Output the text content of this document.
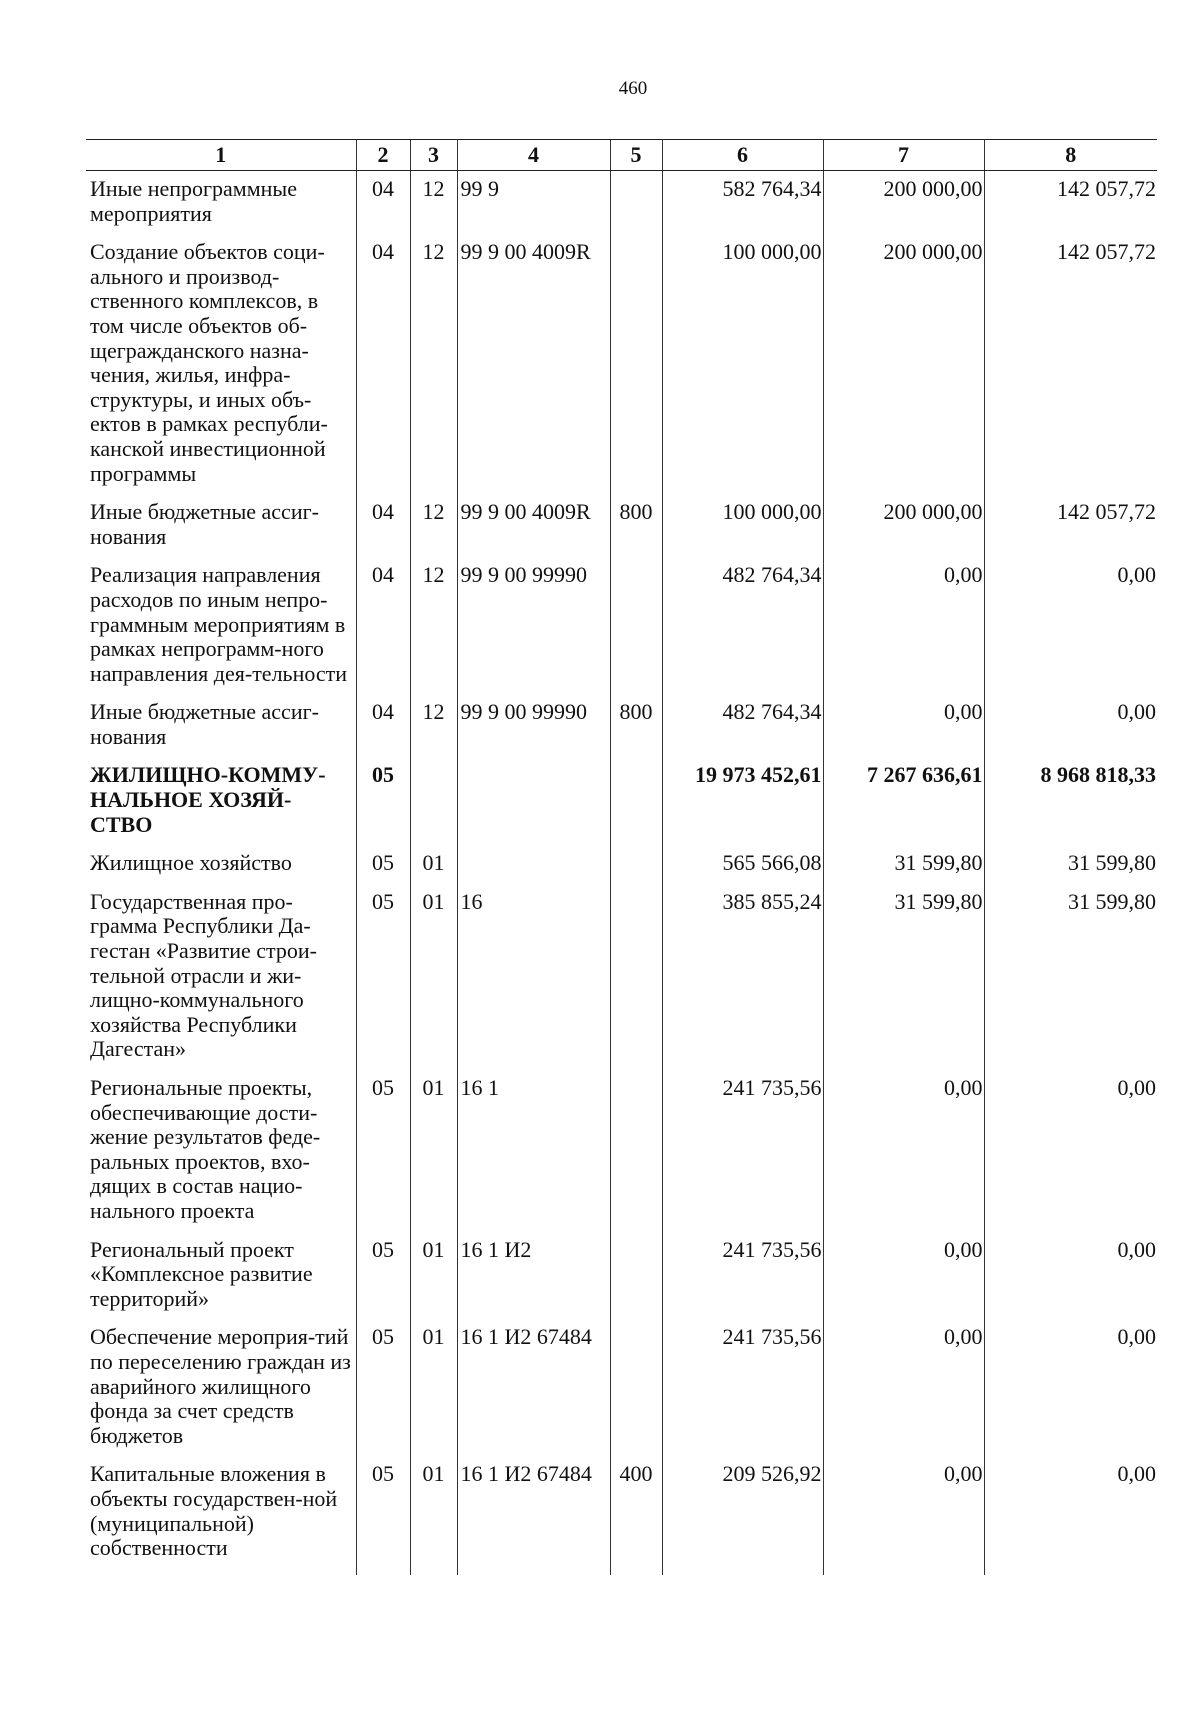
460
1	2	3	4	5	6	7	8
Иные непрограммные мероприятия	04	12	99 9		582 764,34	200 000,00	142 057,72
Создание объектов соци-ального и производ-ственного комплексов, в том числе объектов об-щегражданского назна-чения, жилья, инфра-структуры, и иных объ-ектов в рамках республи-канской инвестиционной программы	04	12	99 9 00 4009R		100 000,00	200 000,00	142 057,72
Иные бюджетные ассиг-нования	04	12	99 9 00 4009R	800	100 000,00	200 000,00	142 057,72
Реализация направления расходов по иным непро-граммным мероприятиям в рамках непрограмм-ного направления дея-тельности	04	12	99 9 00 99990		482 764,34	0,00	0,00
Иные бюджетные ассиг-нования	04	12	99 9 00 99990	800	482 764,34	0,00	0,00
ЖИЛИЩНО-КОММУ-НАЛЬНОЕ ХОЗЯЙ-СТВО	05				19 973 452,61	7 267 636,61	8 968 818,33
Жилищное хозяйство	05	01			565 566,08	31 599,80	31 599,80
Государственная про-грамма Республики Да-гестан «Развитие строи-тельной отрасли и жи-лищно-коммунального хозяйства Республики Дагестан»	05	01	16		385 855,24	31 599,80	31 599,80
Региональные проекты, обеспечивающие дости-жение результатов феде-ральных проектов, вхо-дящих в состав нацио-нального проекта	05	01	16 1		241 735,56	0,00	0,00
Региональный проект «Комплексное развитие территорий»	05	01	16 1 И2		241 735,56	0,00	0,00
Обеспечение мероприя-тий по переселению граждан из аварийного жилищного фонда за счет средств бюджетов	05	01	16 1 И2 67484		241 735,56	0,00	0,00
Капитальные вложения в объекты государствен-ной (муниципальной) собственности	05	01	16 1 И2 67484	400	209 526,92	0,00	0,00
